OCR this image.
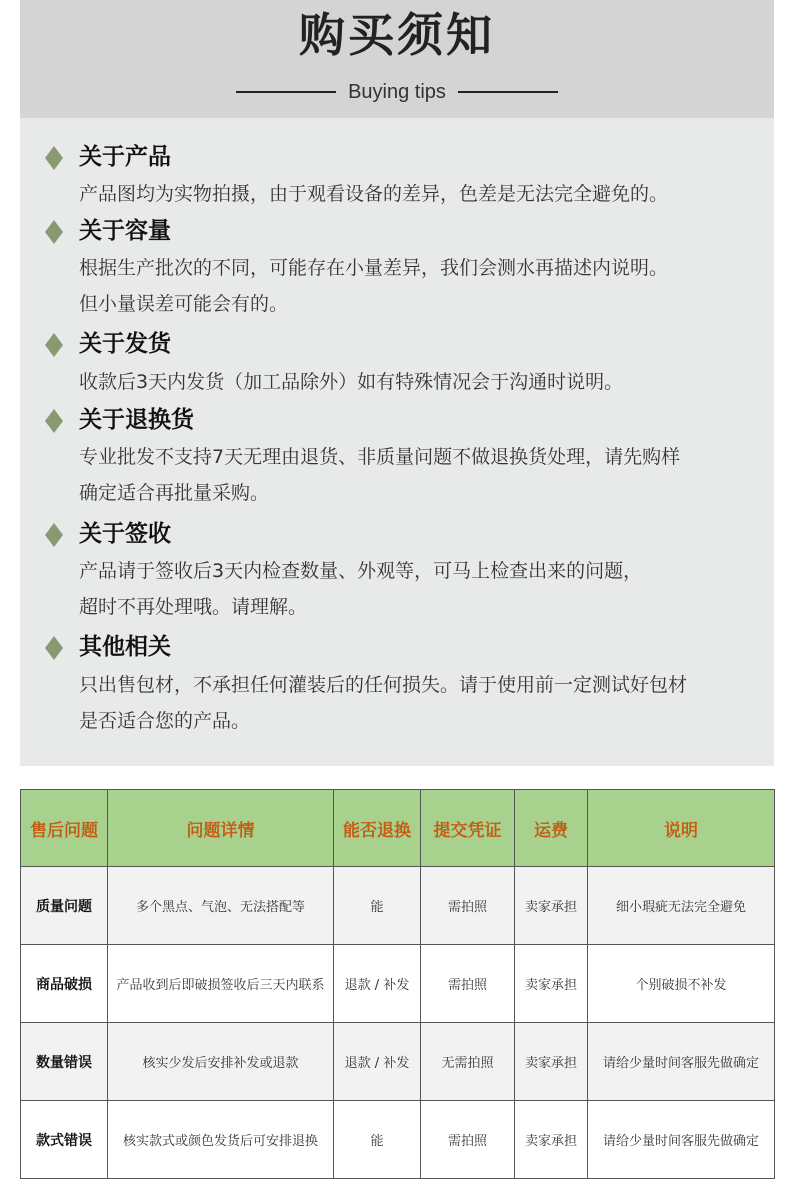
购买须知
Buying tips
关于产品
产品图均为实物拍摄，由于观看设备的差异，色差是无法完全避免的。
关于容量
根据生产批次的不同，可能存在小量差异，我们会测水再描述内说明。
但小量误差可能会有的。
关于发货
收款后3天内发货（加工品除外）如有特殊情况会于沟通时说明。
关于退换货
专业批发不支持7天无理由退货、非质量问题不做退换货处理，请先购样
确定适合再批量采购。
关于签收
产品请于签收后3天内检查数量、外观等，可马上检查出来的问题，
超时不再处理哦。请理解。
其他相关
只出售包材，不承担任何灌装后的任何损失。请于使用前一定测试好包材
是否适合您的产品。
售后问题	问题详情	能否退换	提交凭证	运费	说明
质量问题	多个黑点、气泡、无法搭配等	能	需拍照	卖家承担	细小瑕疵无法完全避免
商品破损	产品收到后即破损签收后三天内联系	退款 / 补发	需拍照	卖家承担	个别破损不补发
数量错误	核实少发后安排补发或退款	退款 / 补发	无需拍照	卖家承担	请给少量时间客服先做确定
款式错误	核实款式或颜色发货后可安排退换	能	需拍照	卖家承担	请给少量时间客服先做确定
